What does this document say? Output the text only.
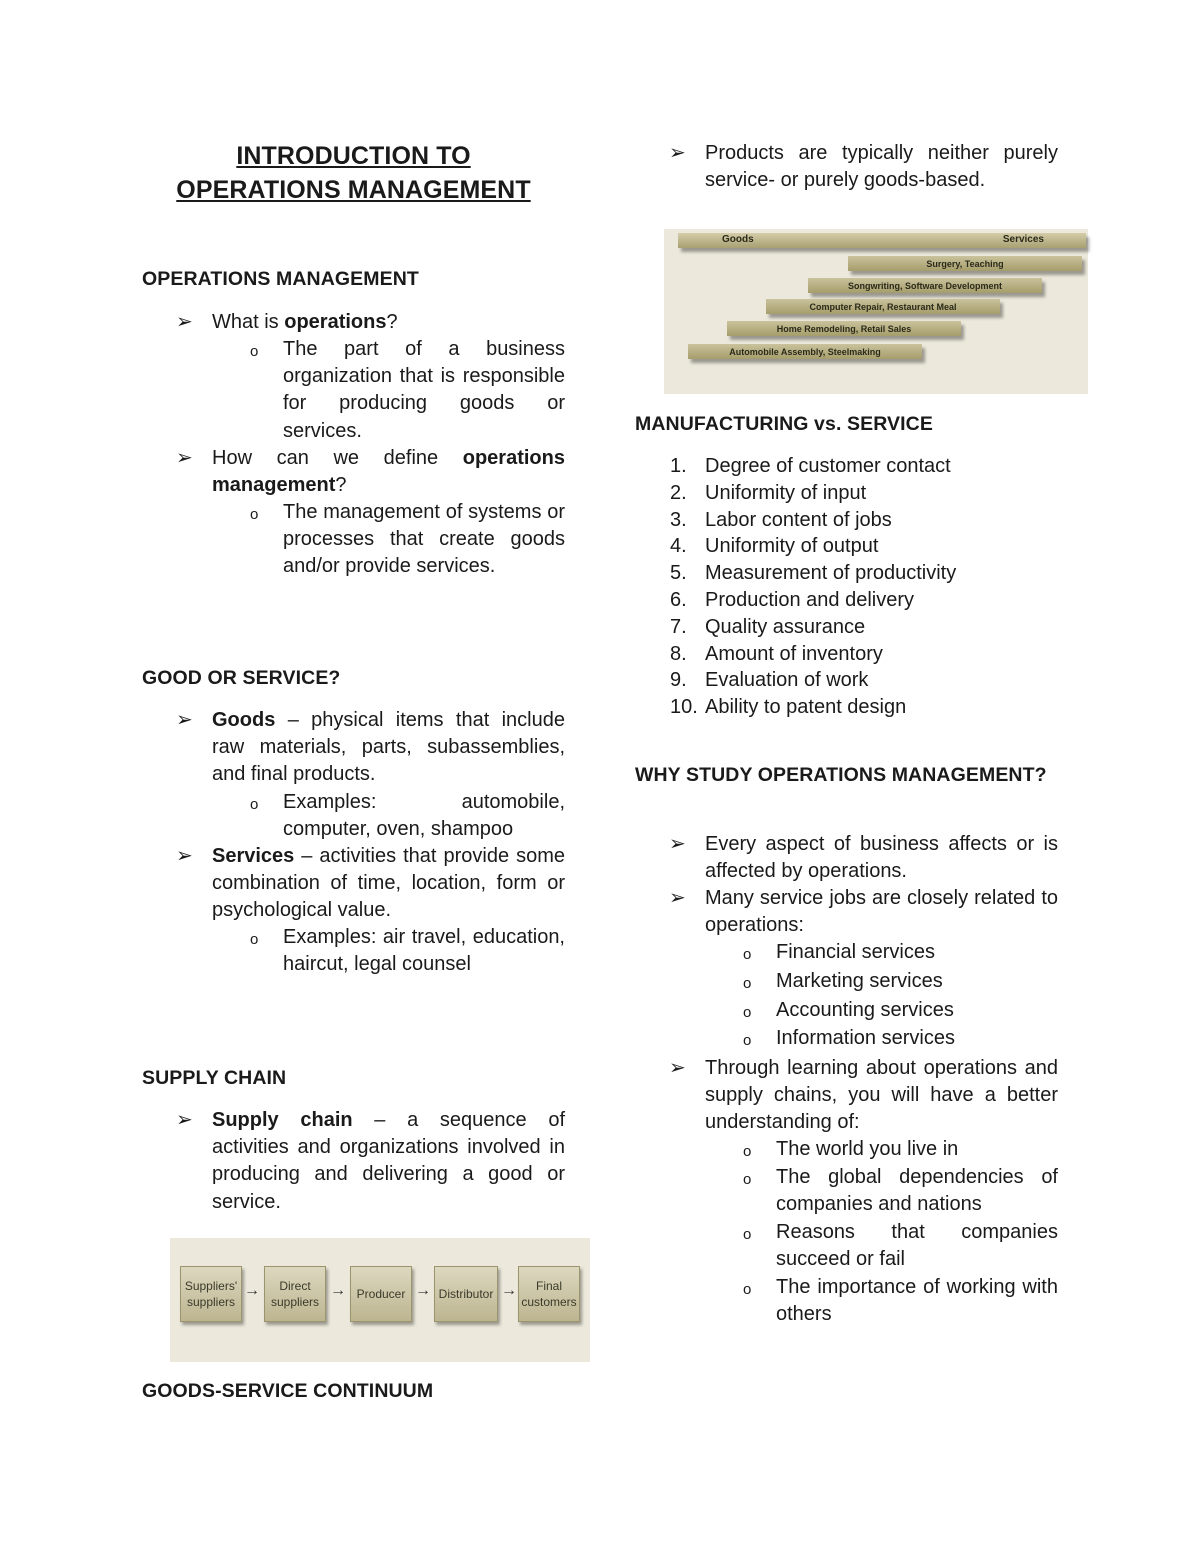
INTRODUCTION TO
OPERATIONS MANAGEMENT
OPERATIONS MANAGEMENT
➢ What is operations?
o The part of a business organization that is responsible for producing goods or services.
➢ How can we define operations management?
o The management of systems or processes that create goods and/or provide services.
GOOD OR SERVICE?
➢ Goods – physical items that include raw materials, parts, subassemblies, and final products.
o Examples: automobile, computer, oven, shampoo
➢ Services – activities that provide some combination of time, location, form or psychological value.
o Examples: air travel, education, haircut, legal counsel
SUPPLY CHAIN
➢ Supply chain – a sequence of activities and organizations involved in producing and delivering a good or service.
GOODS-SERVICE CONTINUUM
Suppliers' suppliers
→	Direct suppliers
→ Producer → Distributor →	Final customers
➢ Products are typically neither purely service- or purely goods-based.
MANUFACTURING vs. SERVICE
1. Degree of customer contact
2. Uniformity of input
3. Labor content of jobs
4. Uniformity of output
5. Measurement of productivity
6. Production and delivery
7. Quality assurance
8. Amount of inventory
9. Evaluation of work
10. Ability to patent design
WHY STUDY OPERATIONS MANAGEMENT?
➢ Every aspect of business affects or is affected by operations.
➢ Many service jobs are closely related to operations:
o Financial services
o Marketing services
o Accounting services
o Information services
➢ Through learning about operations and supply chains, you will have a better understanding of:
o The world you live in
o The global dependencies of companies and nations
o Reasons that companies succeed or fail
o The importance of working with others
Goods	Services
Surgery, Teaching
Songwriting, Software Development
Computer Repair, Restaurant Meal
Home Remodeling, Retail Sales
Automobile Assembly, Steelmaking
